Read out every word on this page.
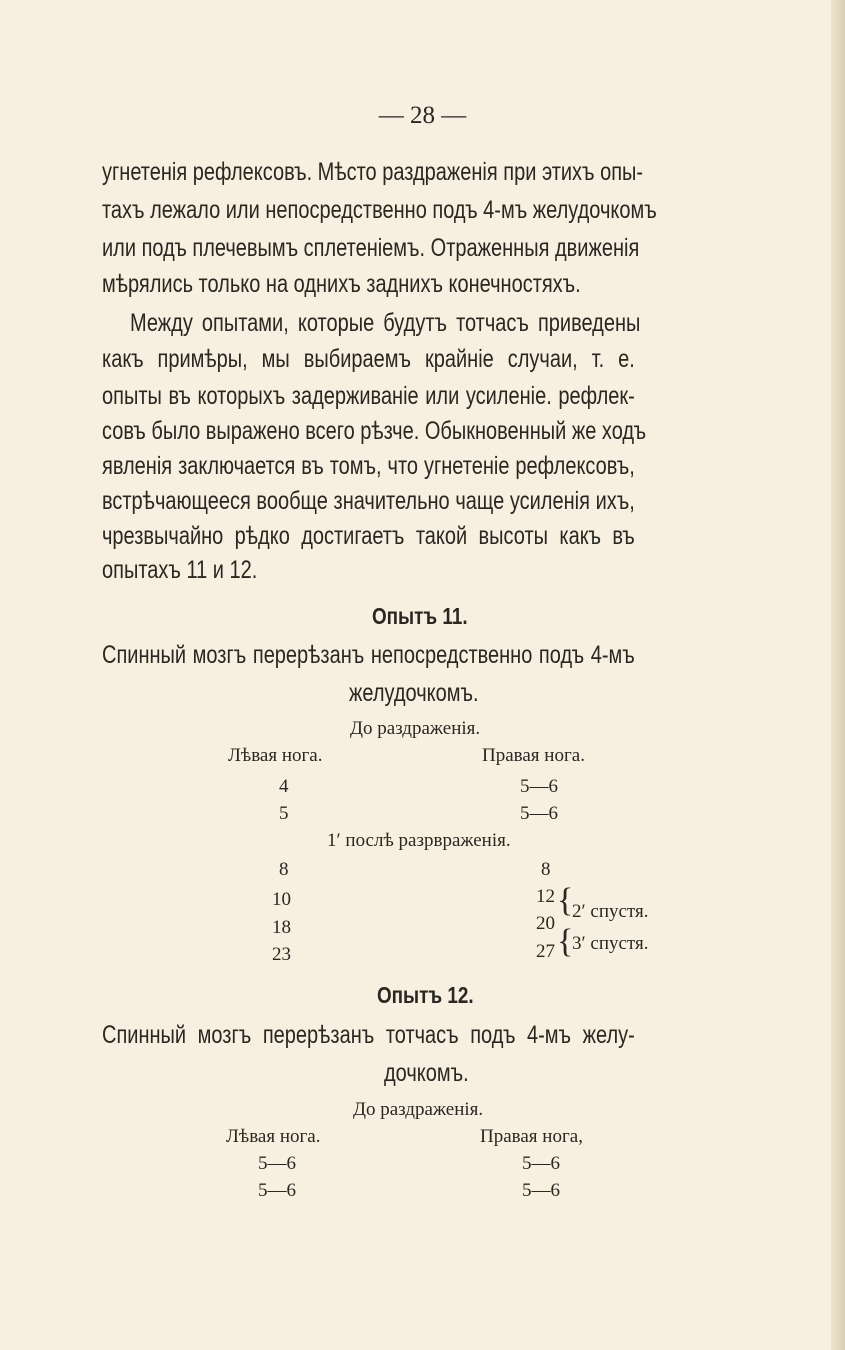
— 28 —
угнетенія рефлексовъ. Мѣсто раздраженія при этихъ опы-
тахъ лежало или непосредственно подъ 4-мъ желудочкомъ
или подъ плечевымъ сплетеніемъ. Отраженныя движенія
мѣрялись только на однихъ заднихъ конечностяхъ.
Между опытами, которые будутъ тотчасъ приведены
какъ примѣры, мы выбираемъ крайніе случаи, т. е.
опыты въ которыхъ задерживаніе или усиленіе. рефлек-
совъ было выражено всего рѣзче. Обыкновенный же ходъ
явленія заключается въ томъ, что угнетеніе рефлексовъ,
встрѣчающееся вообще значительно чаще усиленія ихъ,
чрезвычайно рѣдко достигаетъ такой высоты какъ въ
опытахъ 11 и 12.
Опытъ 11.
Спинный мозгъ перерѣзанъ непосредственно подъ 4-мъ
желудочкомъ.
До раздраженія.
Лѣвая нога.	Правая нога.
4	5—6
5	5—6
1′ послѣ разрвраженія.
8	8
10	12
18	20
23	27
{
2′ спустя.
{
3′ спустя.
Опытъ 12.
Спинный мозгъ перерѣзанъ тотчасъ подъ 4-мъ желу-
дочкомъ.
До раздраженія.
Лѣвая нога.	Правая нога,
5—6	5—6
5—6	5—6
